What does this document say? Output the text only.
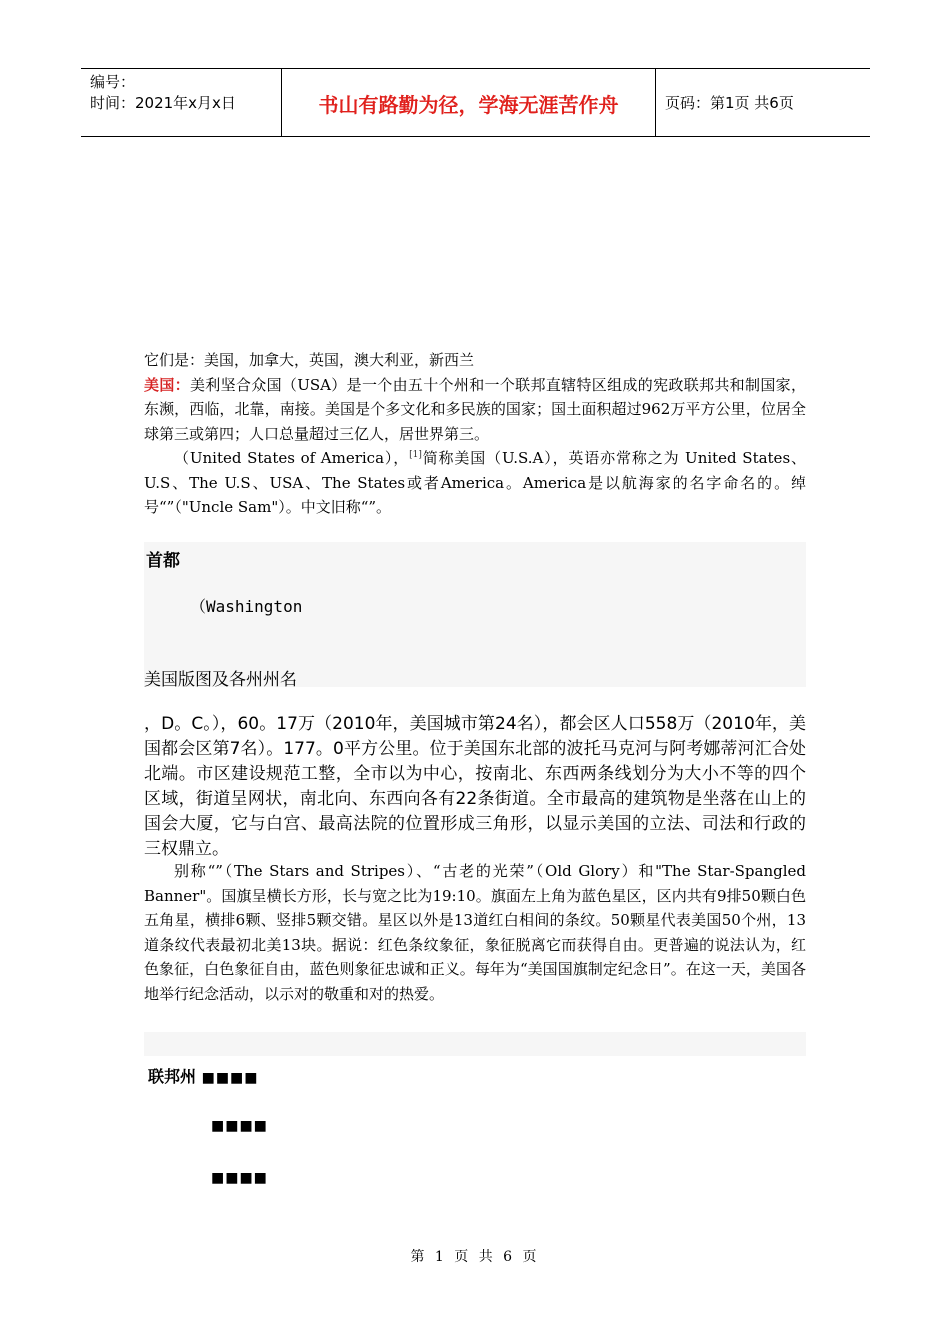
编号：
时间：2021年x月x日	书山有路勤为径，学海无涯苦作舟	页码：第1页 共6页

它们是：美国，加拿大，英国，澳大利亚，新西兰

美国：美利坚合众国（USA）是一个由五十个州和一个联邦直辖特区组成的宪政联邦共和制国家，东濒，西临，北靠，南接。美国是个多文化和多民族的国家；国土面积超过962万平方公里，位居全球第三或第四；人口总量超过三亿人，居世界第三。

（United States of America），[1]简称美国（U.S.A），英语亦常称之为 United States、U.S、The U.S、USA、The States或者America。America是以航海家的名字命名的。绰号“”（"Uncle Sam"）。中文旧称“”。

首都
（Washington
美国版图及各州州名

，D。C。），60。17万（2010年，美国城市第24名），都会区人口558万（2010年，美国都会区第7名）。177。0平方公里。位于美国东北部的波托马克河与阿考娜蒂河汇合处北端。市区建设规范工整，全市以为中心，按南北、东西两条线划分为大小不等的四个区域，街道呈网状，南北向、东西向各有22条街道。全市最高的建筑物是坐落在山上的国会大厦，它与白宫、最高法院的位置形成三角形，以显示美国的立法、司法和行政的三权鼎立。

别称“”（The Stars and Stripes）、“古老的光荣”（Old Glory）和"The Star-Spangled Banner"。国旗呈横长方形，长与宽之比为19:10。旗面左上角为蓝色星区，区内共有9排50颗白色五角星，横排6颗、竖排5颗交错。星区以外是13道红白相间的条纹。50颗星代表美国50个州，13道条纹代表最初北美13块。据说：红色条纹象征，象征脱离它而获得自由。更普遍的说法认为，红色象征，白色象征自由，蓝色则象征忠诚和正义。每年为“美国国旗制定纪念日”。在这一天，美国各地举行纪念活动，以示对的敬重和对的热爱。

联邦州 ■■■■
■■■■
■■■■
第 1 页 共 6 页
